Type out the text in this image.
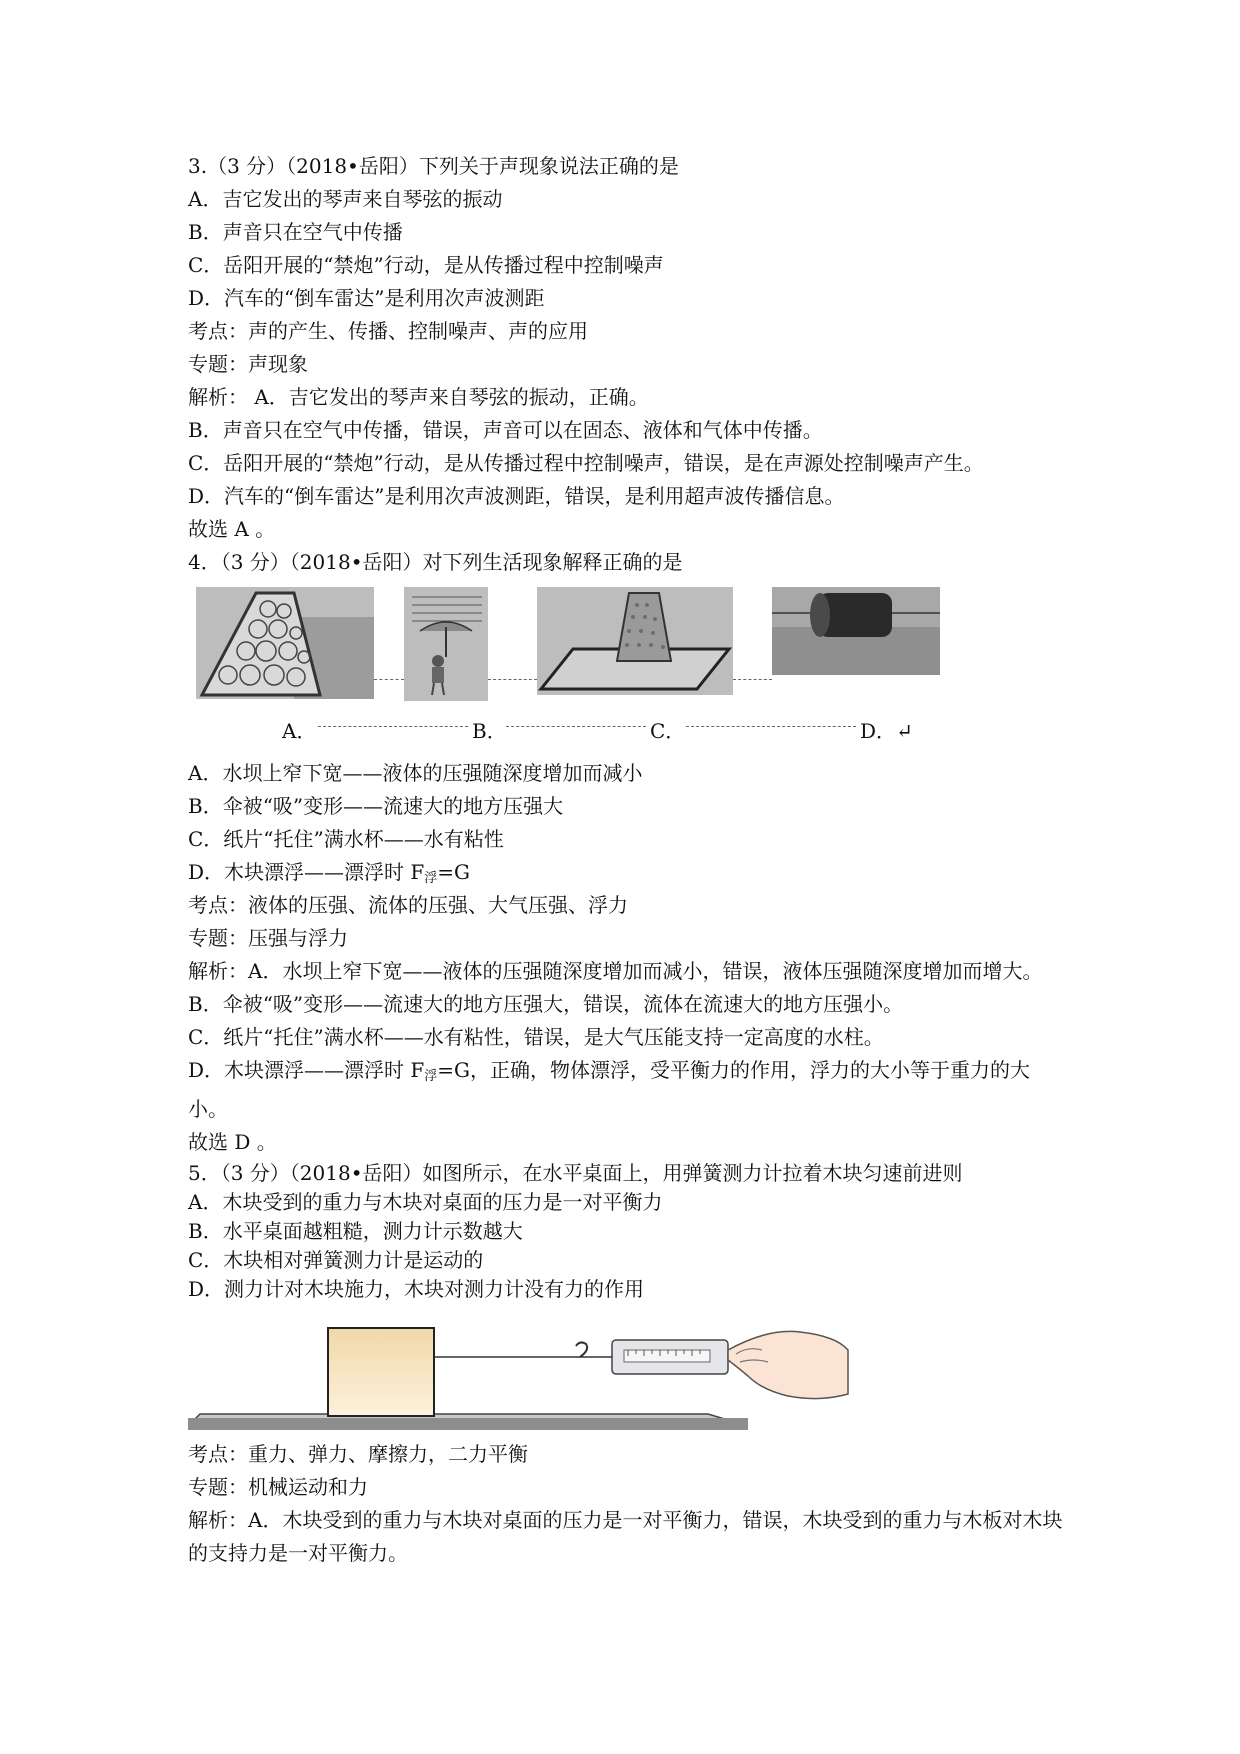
3.（3 分）（2018•岳阳）下列关于声现象说法正确的是
A．吉它发出的琴声来自琴弦的振动
B．声音只在空气中传播
C．岳阳开展的“禁炮”行动，是从传播过程中控制噪声
D．汽车的“倒车雷达”是利用次声波测距
考点：声的产生、传播、控制噪声、声的应用
专题：声现象
解析： A．吉它发出的琴声来自琴弦的振动，正确。
B．声音只在空气中传播，错误，声音可以在固态、液体和气体中传播。
C．岳阳开展的“禁炮”行动，是从传播过程中控制噪声，错误，是在声源处控制噪声产生。
D．汽车的“倒车雷达”是利用次声波测距，错误，是利用超声波传播信息。
故选 A 。
4．（3 分）（2018•岳阳）对下列生活现象解释正确的是
A．	B．	C．	D．↵
A．水坝上窄下宽——液体的压强随深度增加而减小
B．伞被“吸”变形——流速大的地方压强大
C．纸片“托住”满水杯——水有粘性
D．木块漂浮——漂浮时 $F_浮=G$
考点：液体的压强、流体的压强、大气压强、浮力
专题：压强与浮力
解析：A．水坝上窄下宽——液体的压强随深度增加而减小，错误，液体压强随深度增加而增大。
B．伞被“吸”变形——流速大的地方压强大，错误，流体在流速大的地方压强小。
C．纸片“托住”满水杯——水有粘性，错误，是大气压能支持一定高度的水柱。
D．木块漂浮——漂浮时 $F_浮=G$，正确，物体漂浮，受平衡力的作用，浮力的大小等于重力的大小。
故选 D 。
5．（3 分）（2018•岳阳）如图所示，在水平桌面上，用弹簧测力计拉着木块匀速前进则
A．木块受到的重力与木块对桌面的压力是一对平衡力
B．水平桌面越粗糙，测力计示数越大
C．木块相对弹簧测力计是运动的
D．测力计对木块施力，木块对测力计没有力的作用
考点：重力、弹力、摩擦力，二力平衡
专题：机械运动和力
解析：A．木块受到的重力与木块对桌面的压力是一对平衡力，错误，木块受到的重力与木板对木块的支持力是一对平衡力。
